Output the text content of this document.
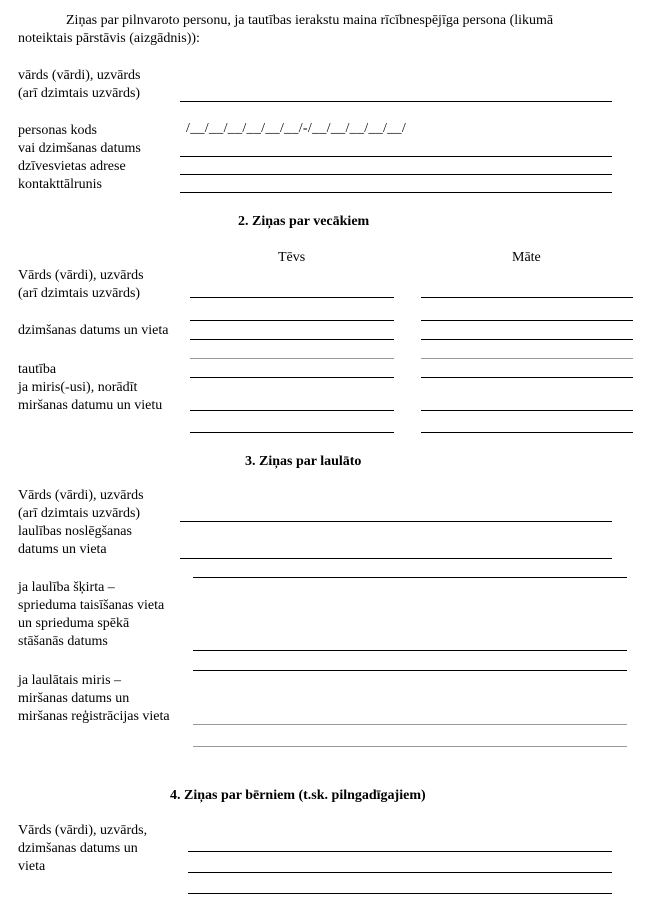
Ziņas par pilnvaroto personu, ja tautības ierakstu maina rīcībnespējīga persona (likumā
noteiktais pārstāvis (aizgādnis)):
vārds (vārdi), uzvārds
(arī dzimtais uzvārds)
personas kods	/__/__/__/__/__/__/-/__/__/__/__/__/
vai dzimšanas datums
dzīvesvietas adrese
kontakttālrunis
2. Ziņas par vecākiem
Tēvs	Māte
Vārds (vārdi), uzvārds
(arī dzimtais uzvārds)
dzimšanas datums un vieta
tautība
ja miris(-usi), norādīt
miršanas datumu un vietu
3. Ziņas par laulāto
Vārds (vārdi), uzvārds
(arī dzimtais uzvārds)
laulības noslēgšanas
datums un vieta
ja laulība šķirta –
sprieduma taisīšanas vieta
un sprieduma spēkā
stāšanās datums
ja laulātais miris –
miršanas datums un
miršanas reģistrācijas vieta
4. Ziņas par bērniem (t.sk. pilngadīgajiem)
Vārds (vārdi), uzvārds,
dzimšanas datums un
vieta
